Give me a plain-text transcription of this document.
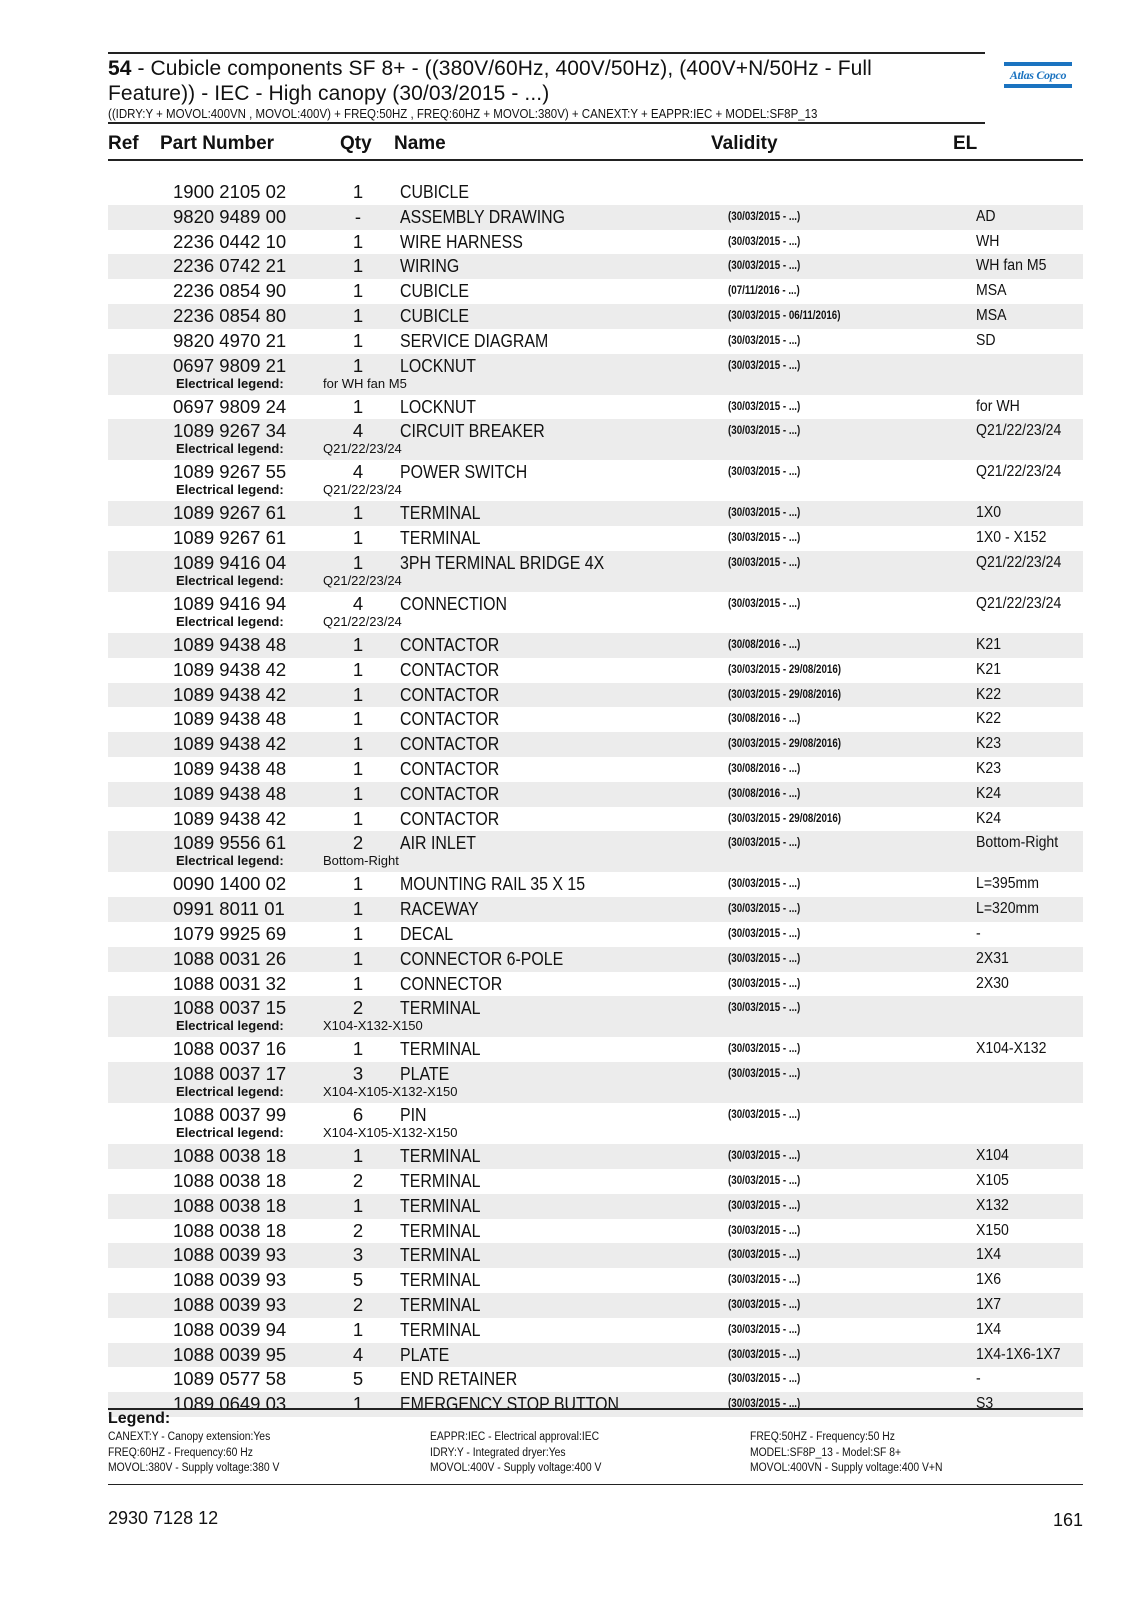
54 - Cubicle components SF 8+ - ((380V/60Hz, 400V/50Hz), (400V+N/50Hz - Full
Feature)) - IEC - High canopy (30/03/2015 - ...)
((IDRY:Y + MOVOL:400VN , MOVOL:400V) + FREQ:50HZ , FREQ:60HZ + MOVOL:380V) + CANEXT:Y + EAPPR:IEC + MODEL:SF8P_13
Atlas Copco
Ref Part Number	Qty Name	Validity	EL
1900 2105 02	1 CUBICLE
9820 9489 00	-	ASSEMBLY DRAWING	(30/03/2015 - ...)	AD
2236 0442 10	1 WIRE HARNESS	(30/03/2015 - ...)	WH
2236 0742 21	1 WIRING	(30/03/2015 - ...)	WH fan M5
2236 0854 90	1 CUBICLE	(07/11/2016 - ...)	MSA
2236 0854 80	1 CUBICLE	(30/03/2015 - 06/11/2016)	MSA
9820 4970 21	1 SERVICE DIAGRAM	(30/03/2015 - ...)	SD
0697 9809 21	1 LOCKNUT	(30/03/2015 - ...)
Electrical legend:	for WH fan M5
0697 9809 24	1 LOCKNUT	(30/03/2015 - ...)	for WH
1089 9267 34	4 CIRCUIT BREAKER	(30/03/2015 - ...)	Q21/22/23/24
Electrical legend:	Q21/22/23/24
1089 9267 55	4 POWER SWITCH	(30/03/2015 - ...)	Q21/22/23/24
Electrical legend:	Q21/22/23/24
1089 9267 61	1 TERMINAL	(30/03/2015 - ...)	1X0
1089 9267 61	1 TERMINAL	(30/03/2015 - ...)	1X0 - X152
1089 9416 04	1 3PH TERMINAL BRIDGE 4X	(30/03/2015 - ...)	Q21/22/23/24
Electrical legend:	Q21/22/23/24
1089 9416 94	4 CONNECTION	(30/03/2015 - ...)	Q21/22/23/24
Electrical legend:	Q21/22/23/24
1089 9438 48	1 CONTACTOR	(30/08/2016 - ...)	K21
1089 9438 42	1 CONTACTOR	(30/03/2015 - 29/08/2016)	K21
1089 9438 42	1 CONTACTOR	(30/03/2015 - 29/08/2016)	K22
1089 9438 48	1 CONTACTOR	(30/08/2016 - ...)	K22
1089 9438 42	1 CONTACTOR	(30/03/2015 - 29/08/2016)	K23
1089 9438 48	1 CONTACTOR	(30/08/2016 - ...)	K23
1089 9438 48	1 CONTACTOR	(30/08/2016 - ...)	K24
1089 9438 42	1 CONTACTOR	(30/03/2015 - 29/08/2016)	K24
1089 9556 61	2 AIR INLET	(30/03/2015 - ...)	Bottom-Right
Electrical legend:	Bottom-Right
0090 1400 02	1 MOUNTING RAIL 35 X 15	(30/03/2015 - ...)	L=395mm
0991 8011 01	1 RACEWAY	(30/03/2015 - ...)	L=320mm
1079 9925 69	1 DECAL	(30/03/2015 - ...)	-
1088 0031 26	1 CONNECTOR 6-POLE	(30/03/2015 - ...)	2X31
1088 0031 32	1 CONNECTOR	(30/03/2015 - ...)	2X30
1088 0037 15	2 TERMINAL	(30/03/2015 - ...)
Electrical legend:	X104-X132-X150
1088 0037 16	1 TERMINAL	(30/03/2015 - ...)	X104-X132
1088 0037 17	3 PLATE	(30/03/2015 - ...)
Electrical legend:	X104-X105-X132-X150
1088 0037 99	6 PIN	(30/03/2015 - ...)
Electrical legend:	X104-X105-X132-X150
1088 0038 18	1 TERMINAL	(30/03/2015 - ...)	X104
1088 0038 18	2 TERMINAL	(30/03/2015 - ...)	X105
1088 0038 18	1 TERMINAL	(30/03/2015 - ...)	X132
1088 0038 18	2 TERMINAL	(30/03/2015 - ...)	X150
1088 0039 93	3 TERMINAL	(30/03/2015 - ...)	1X4
1088 0039 93	5 TERMINAL	(30/03/2015 - ...)	1X6
1088 0039 93	2 TERMINAL	(30/03/2015 - ...)	1X7
1088 0039 94	1 TERMINAL	(30/03/2015 - ...)	1X4
1088 0039 95	4 PLATE	(30/03/2015 - ...)	1X4-1X6-1X7
1089 0577 58	5 END RETAINER	(30/03/2015 - ...)	-
1089 0649 03	1 EMERGENCY STOP BUTTON	(30/03/2015 - ...)	S3
Legend:
CANEXT:Y - Canopy extension:Yes
FREQ:60HZ - Frequency:60 Hz
MOVOL:380V - Supply voltage:380 V
EAPPR:IEC - Electrical approval:IEC
IDRY:Y - Integrated dryer:Yes
MOVOL:400V - Supply voltage:400 V
FREQ:50HZ - Frequency:50 Hz
MODEL:SF8P_13 - Model:SF 8+
MOVOL:400VN - Supply voltage:400 V+N
2930 7128 12	161
